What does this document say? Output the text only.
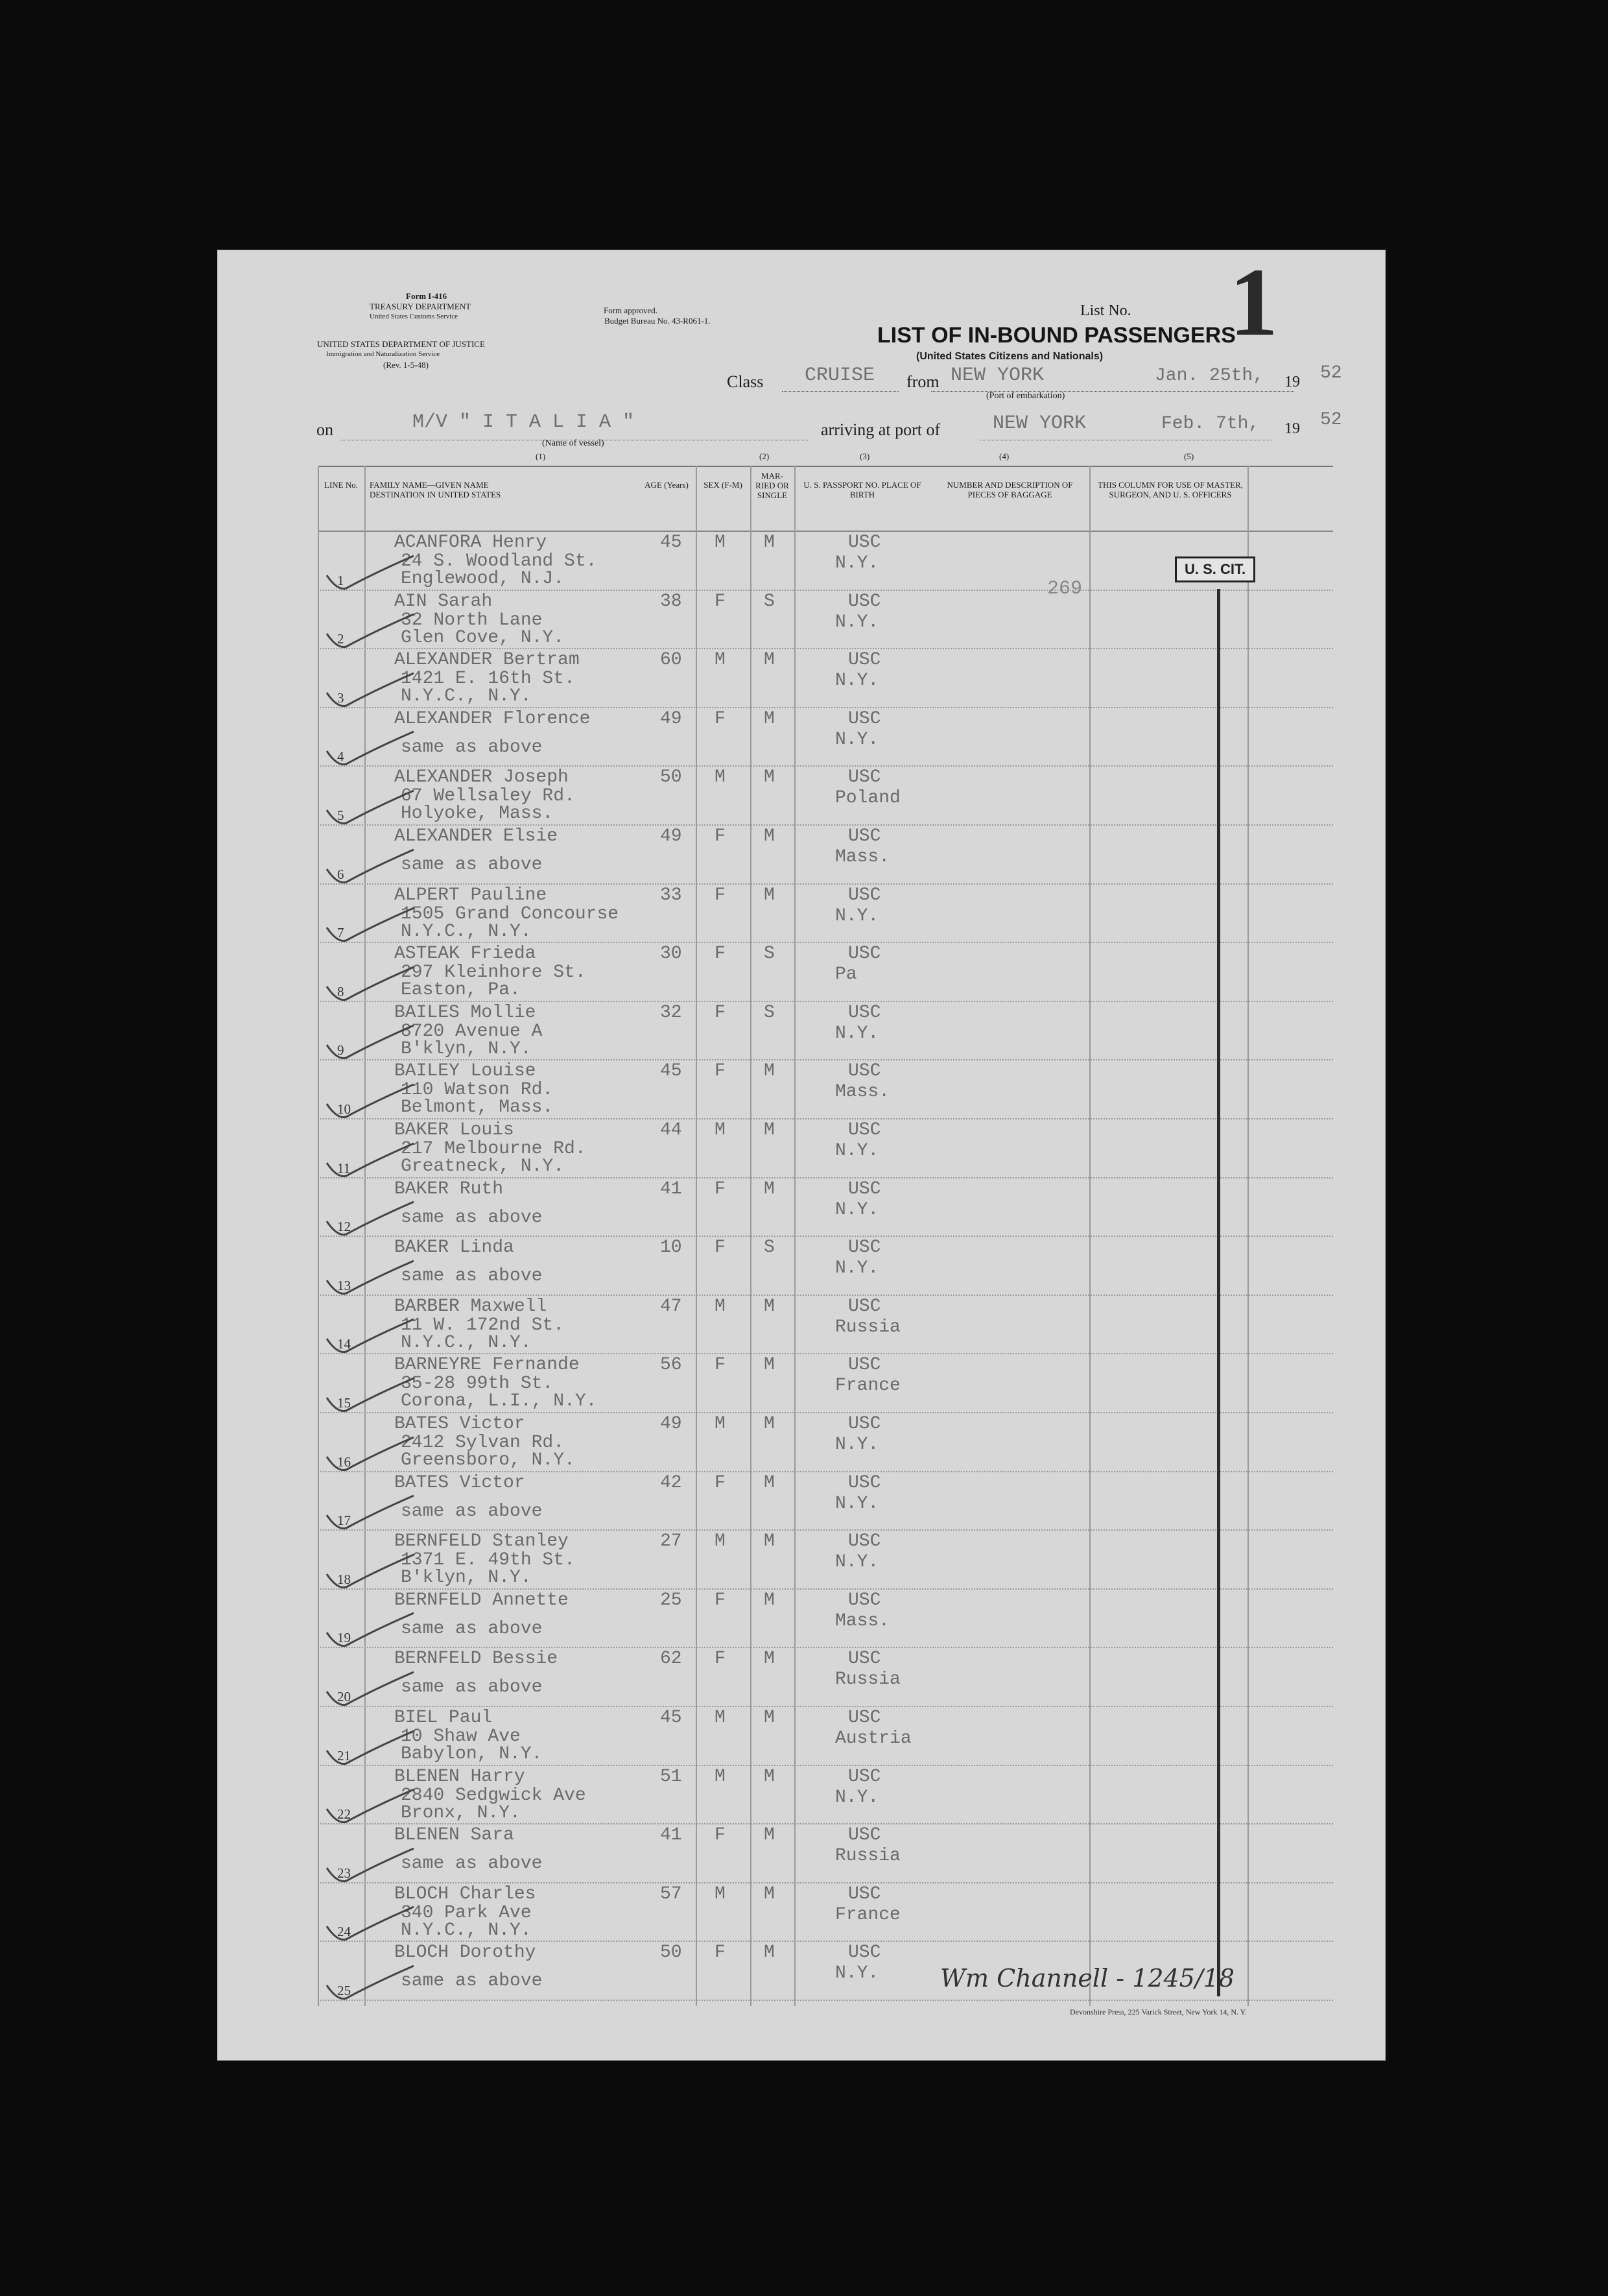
Form I-416
TREASURY DEPARTMENT
United States Customs Service
UNITED STATES DEPARTMENT OF JUSTICE
Immigration and Naturalization Service
(Rev. 1-5-48)
Form approved.
Budget Bureau No. 43-R061-1.
List No. 1
LIST OF IN-BOUND PASSENGERS
(United States Citizens and Nationals)
Class CRUISE from NEW YORK
(Port of embarkation)
Jan. 25th, 19 52
on	M/V " I T A L I A "
(Name of vessel)
arriving at port of	NEW YORK	Feb. 7th, 19 52
(1)	(2)	(3)	(4)	(5)
LINE No.	FAMILY NAME—GIVEN NAME DESTINATION IN UNITED STATES
AGE (Years)	SEX (F-M)
MAR-RIED OR SINGLE
U. S. PASSPORT NO. PLACE OF BIRTH
NUMBER AND DESCRIPTION OF PIECES OF BAGGAGE
THIS COLUMN FOR USE OF MASTER, SURGEON, AND U. S. OFFICERS
1
ACANFORA Henry
24 S. Woodland St.
Englewood, N.J.
45 M M	USC
N.Y.
2
AIN Sarah
32 North Lane
Glen Cove, N.Y.
38 F S	USC
N.Y.
3
ALEXANDER Bertram
1421 E. 16th St.
N.Y.C., N.Y.
60 M M	USC
N.Y.
4
ALEXANDER Florence
same as above
49 F M	USC
N.Y.
5
ALEXANDER Joseph
67 Wellsaley Rd.
Holyoke, Mass.
50 M M	USC
Poland
6
ALEXANDER Elsie
same as above
49 F M	USC
Mass.
7
ALPERT Pauline
1505 Grand Concourse
N.Y.C., N.Y.
33 F M	USC
N.Y.
8
ASTEAK Frieda
297 Kleinhore St.
Easton, Pa.
30 F S	USC
Pa
9
BAILES Mollie
8720 Avenue A
B'klyn, N.Y.
32 F S	USC
N.Y.
10
BAILEY Louise
110 Watson Rd.
Belmont, Mass.
45 F M	USC
Mass.
11
BAKER Louis
217 Melbourne Rd.
Greatneck, N.Y.
44 M M	USC
N.Y.
12
BAKER Ruth
same as above
41 F M	USC
N.Y.
13
BAKER Linda
same as above
10 F S	USC
N.Y.
14
BARBER Maxwell
11 W. 172nd St.
N.Y.C., N.Y.
47 M M	USC
Russia
15
BARNEYRE Fernande
35-28 99th St.
Corona, L.I., N.Y.
56 F M	USC
France
16
BATES Victor
2412 Sylvan Rd.
Greensboro, N.Y.
49 M M	USC
N.Y.
17
BATES Victor
same as above
42 F M	USC
N.Y.
18
BERNFELD Stanley
1371 E. 49th St.
B'klyn, N.Y.
27 M M	USC
N.Y.
19
BERNFELD Annette
same as above
25 F M	USC
Mass.
20
BERNFELD Bessie
same as above
62 F M	USC
Russia
21
BIEL Paul
10 Shaw Ave
Babylon, N.Y.
45 M M	USC
Austria
22
BLENEN Harry
2840 Sedgwick Ave
Bronx, N.Y.
51 M M	USC
N.Y.
23
BLENEN Sara
same as above
41 F M	USC
Russia
24
BLOCH Charles
340 Park Ave
N.Y.C., N.Y.
57 M M	USC
France
25
BLOCH Dorothy
same as above
50 F M	USC
N.Y.
U. S. CIT.
269
Wm Channell - 1245/18
Devonshire Press, 225 Varick Street, New York 14, N. Y.
